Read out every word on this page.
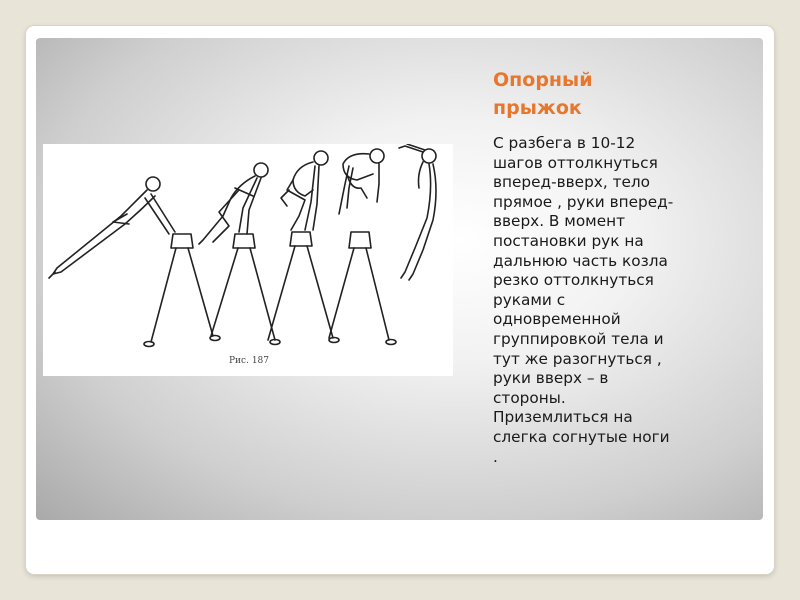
Опорный
прыжок

С разбега в 10-12
шагов оттолкнуться
вперед-вверх, тело
прямое , руки вперед-
вверх. В момент
постановки рук на
дальнюю часть козла
резко оттолкнуться
руками с
одновременной
группировкой тела и
тут же разогнуться ,
руки вверх – в
стороны.
Приземлиться на
слегка согнутые ноги
.

Рис. 187
